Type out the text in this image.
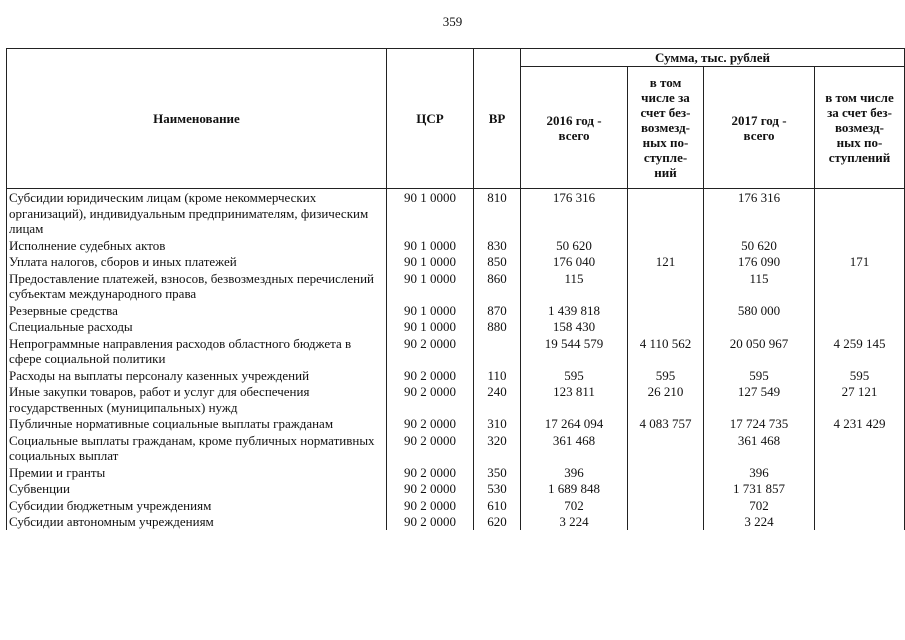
359
Наименование	ЦСР	ВР	Сумма, тыс. рублей			
			2016 год - всего	в том числе за счет без-возмезд-ных по-ступле-ний	2017 год - всего	в том числе за счет без-возмезд-ных по-ступлений
Субсидии юридическим лицам (кроме некоммерческих организаций), индивидуальным предпринимателям, физическим лицам	90 1 0000	810	176 316		176 316	
Исполнение судебных актов	90 1 0000	830	50 620		50 620	
Уплата налогов, сборов и иных платежей	90 1 0000	850	176 040	121	176 090	171
Предоставление платежей, взносов, безвозмездных перечислений субъектам международного права	90 1 0000	860	115		115	
Резервные средства	90 1 0000	870	1 439 818		580 000	
Специальные расходы	90 1 0000	880	158 430			
Непрограммные направления расходов областного бюджета в сфере социальной политики	90 2 0000		19 544 579	4 110 562	20 050 967	4 259 145
Расходы на выплаты персоналу казенных учреждений	90 2 0000	110	595	595	595	595
Иные закупки товаров, работ и услуг для обеспечения государственных (муниципальных) нужд	90 2 0000	240	123 811	26 210	127 549	27 121
Публичные нормативные социальные выплаты гражданам	90 2 0000	310	17 264 094	4 083 757	17 724 735	4 231 429
Социальные выплаты гражданам, кроме публичных нормативных социальных выплат	90 2 0000	320	361 468		361 468	
Премии и гранты	90 2 0000	350	396		396	
Субвенции	90 2 0000	530	1 689 848		1 731 857	
Субсидии бюджетным учреждениям	90 2 0000	610	702		702	
Субсидии автономным учреждениям	90 2 0000	620	3 224		3 224	
